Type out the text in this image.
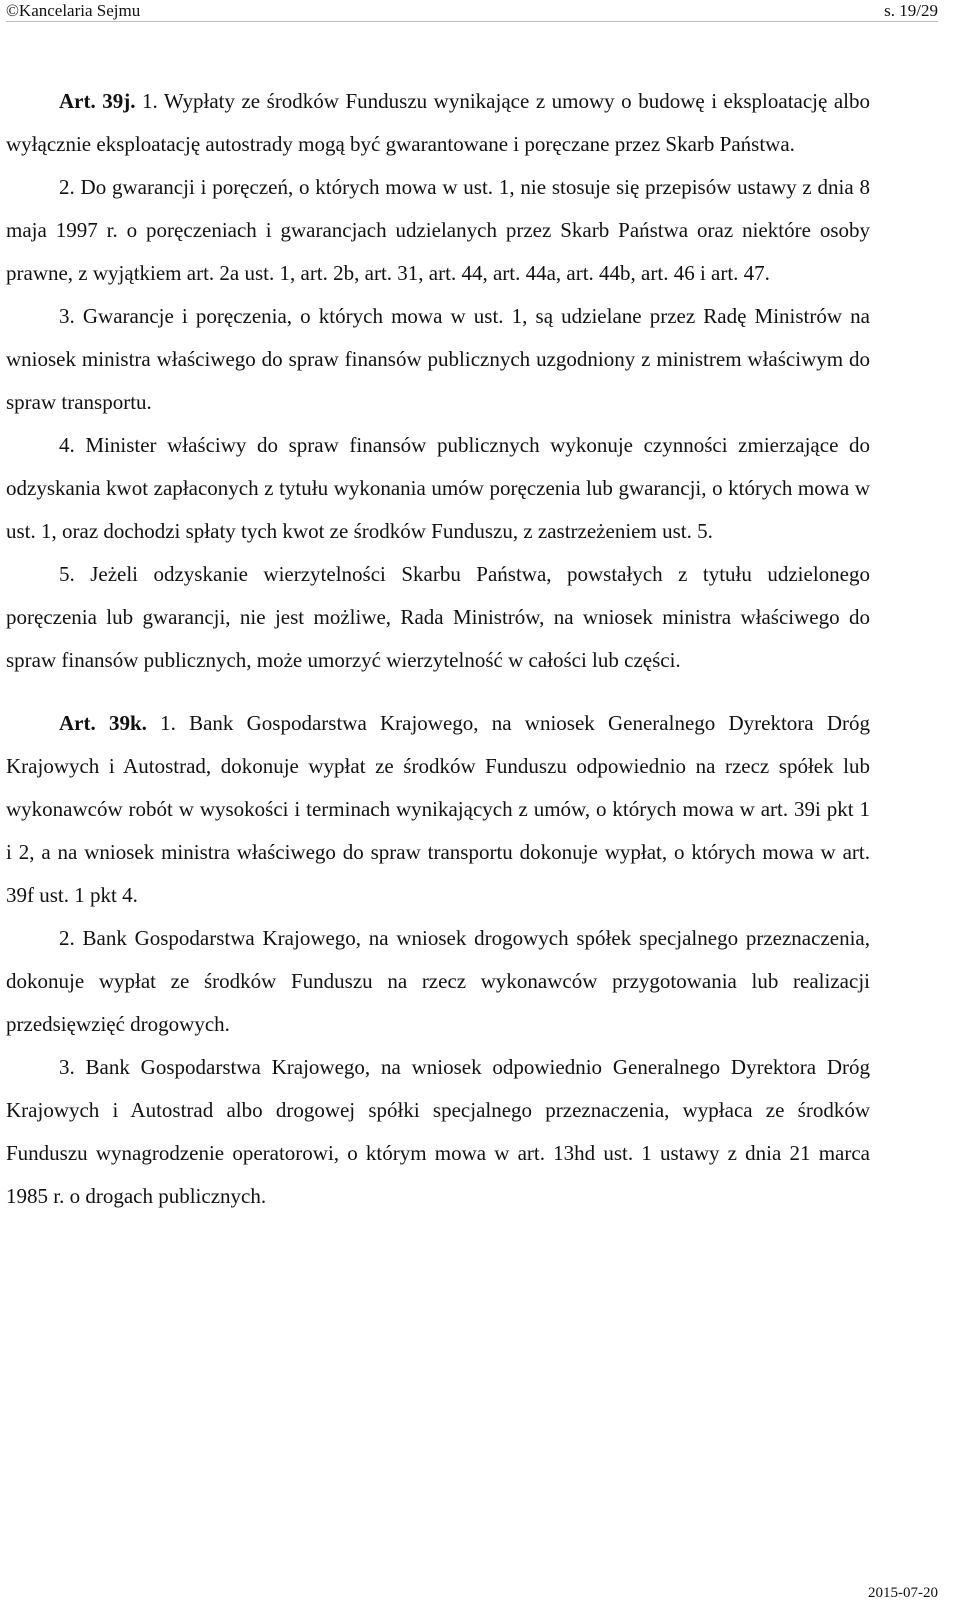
©Kancelaria Sejmu	s. 19/29

Art. 39j. 1. Wypłaty ze środków Funduszu wynikające z umowy o budowę i eksploatację albo wyłącznie eksploatację autostrady mogą być gwarantowane i poręczane przez Skarb Państwa.

2. Do gwarancji i poręczeń, o których mowa w ust. 1, nie stosuje się przepisów ustawy z dnia 8 maja 1997 r. o poręczeniach i gwarancjach udzielanych przez Skarb Państwa oraz niektóre osoby prawne, z wyjątkiem art. 2a ust. 1, art. 2b, art. 31, art. 44, art. 44a, art. 44b, art. 46 i art. 47.

3. Gwarancje i poręczenia, o których mowa w ust. 1, są udzielane przez Radę Ministrów na wniosek ministra właściwego do spraw finansów publicznych uzgodniony z ministrem właściwym do spraw transportu.

4. Minister właściwy do spraw finansów publicznych wykonuje czynności zmierzające do odzyskania kwot zapłaconych z tytułu wykonania umów poręczenia lub gwarancji, o których mowa w ust. 1, oraz dochodzi spłaty tych kwot ze środków Funduszu, z zastrzeżeniem ust. 5.

5. Jeżeli odzyskanie wierzytelności Skarbu Państwa, powstałych z tytułu udzielonego poręczenia lub gwarancji, nie jest możliwe, Rada Ministrów, na wniosek ministra właściwego do spraw finansów publicznych, może umorzyć wierzytelność w całości lub części.

Art. 39k. 1. Bank Gospodarstwa Krajowego, na wniosek Generalnego Dyrektora Dróg Krajowych i Autostrad, dokonuje wypłat ze środków Funduszu odpowiednio na rzecz spółek lub wykonawców robót w wysokości i terminach wynikających z umów, o których mowa w art. 39i pkt 1 i 2, a na wniosek ministra właściwego do spraw transportu dokonuje wypłat, o których mowa w art. 39f ust. 1 pkt 4.

2. Bank Gospodarstwa Krajowego, na wniosek drogowych spółek specjalnego przeznaczenia, dokonuje wypłat ze środków Funduszu na rzecz wykonawców przygotowania lub realizacji przedsięwzięć drogowych.

3. Bank Gospodarstwa Krajowego, na wniosek odpowiednio Generalnego Dyrektora Dróg Krajowych i Autostrad albo drogowej spółki specjalnego przeznaczenia, wypłaca ze środków Funduszu wynagrodzenie operatorowi, o którym mowa w art. 13hd ust. 1 ustawy z dnia 21 marca 1985 r. o drogach publicznych.

2015-07-20
